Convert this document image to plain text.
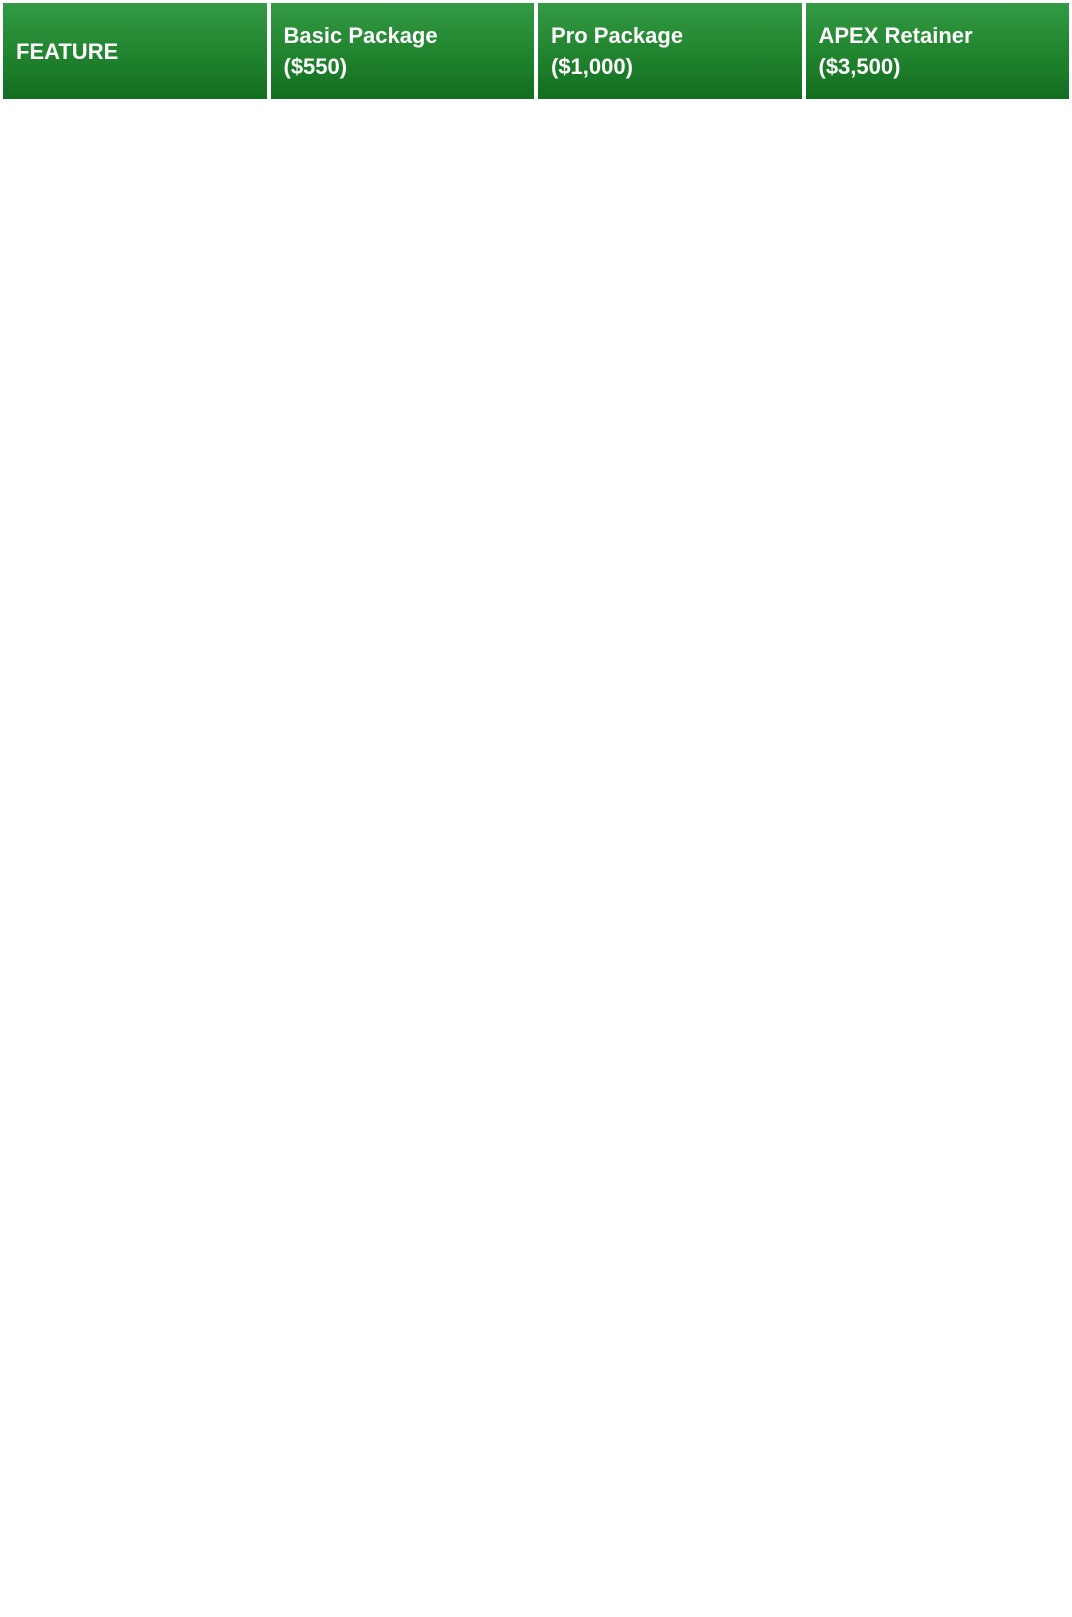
FEATURE
Basic Package
($550)
Pro Package
($1,000)
APEX Retainer
($3,500)
